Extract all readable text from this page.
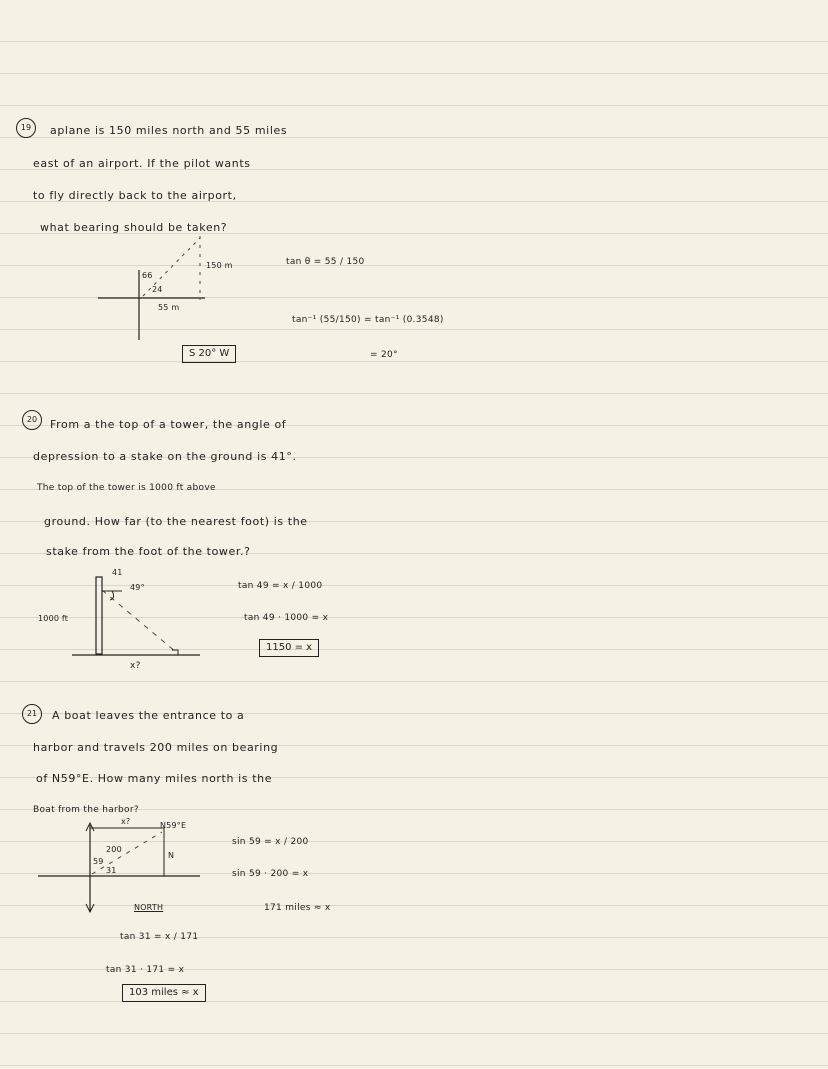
19	aplane is 150 miles north and 55 miles
east of an airport. If the pilot wants
to fly directly back to the airport,
what bearing should be taken?
150 m
55 m
66
24
tan θ = 55 / 150
tan⁻¹ (55/150) = tan⁻¹ (0.3548)
= 20°
S 20° W
20	From a the top of a tower, the angle of
depression to a stake on the ground is 41°.
The top of the tower is 1000 ft above
ground. How far (to the nearest foot) is the
stake from the foot of the tower.?
41
49°
1000 ft
x?
tan 49 = x / 1000
tan 49 · 1000 = x
1150 = x
21	A boat leaves the entrance to a
harbor and travels 200 miles on bearing
of N59°E. How many miles north is the
Boat from the harbor?
N59°E
x?
200
N
59
31
NORTH
sin 59 = x / 200
sin 59 · 200 = x
171 miles ≈ x
tan 31 = x / 171
tan 31 · 171 = x
103 miles ≈ x
